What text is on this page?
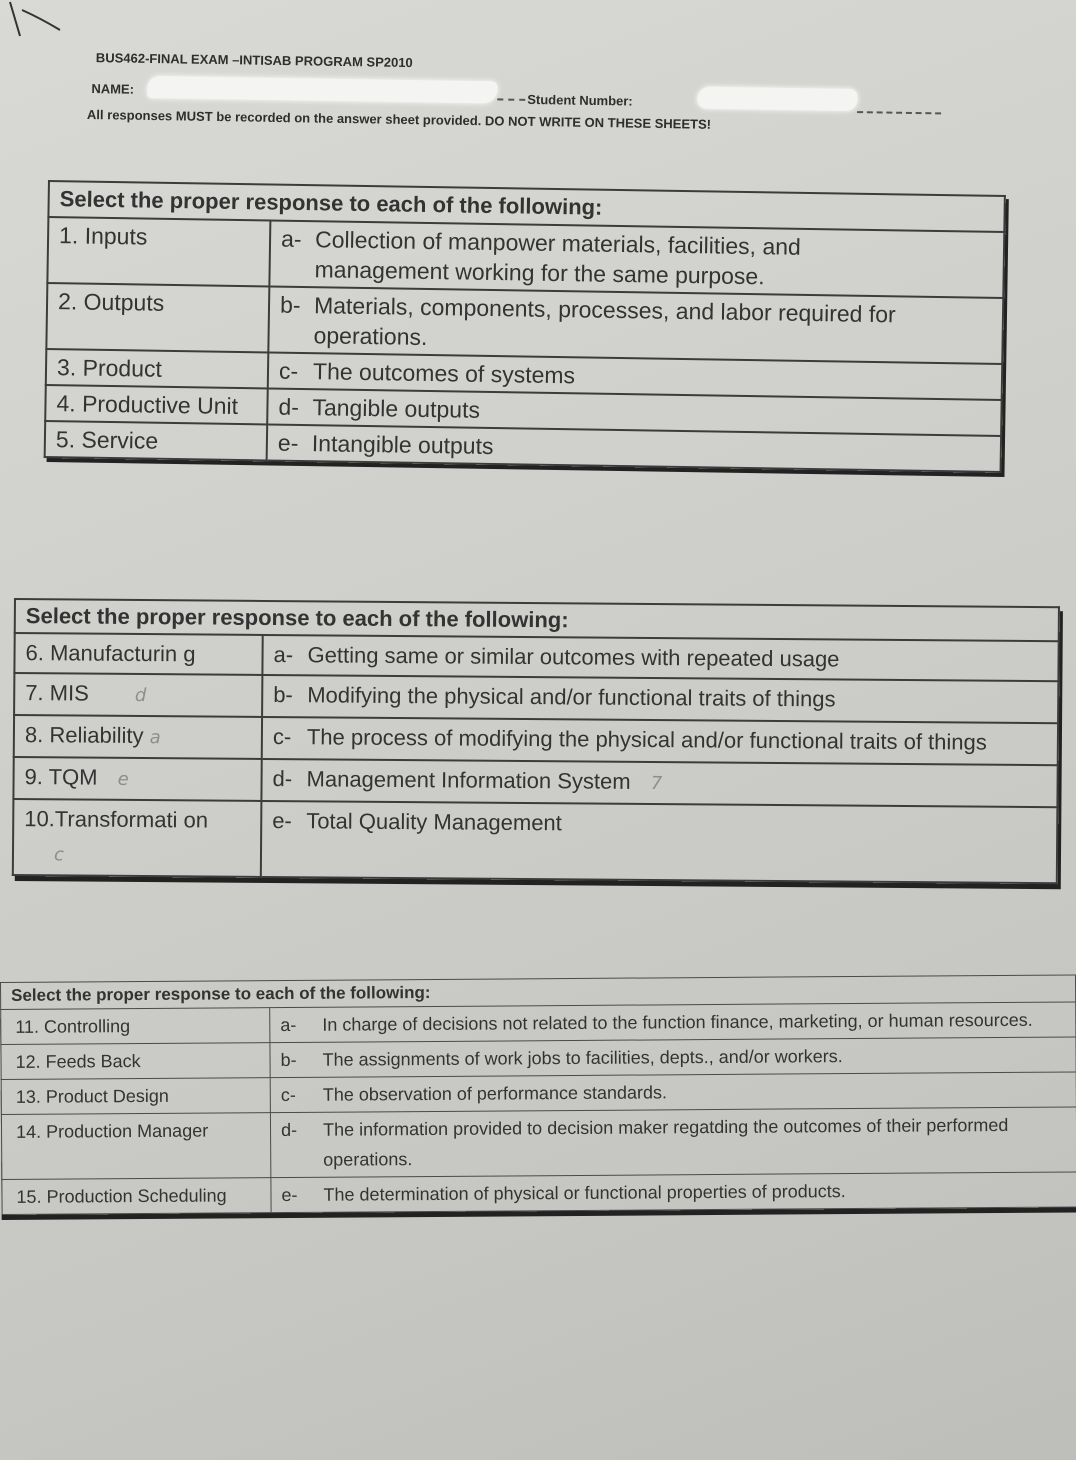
BUS462-FINAL EXAM –INTISAB PROGRAM SP2010
NAME:
Student Number:
All responses MUST be recorded on the answer sheet provided. DO NOT WRITE ON THESE SHEETS!
Select the proper response to each of the following:	
1. Inputs	a- Collection of manpower materials, facilities, and management working for the same purpose.
2. Outputs	b- Materials, components, processes, and labor required for operations.
3. Product	c- The outcomes of systems
4. Productive Unit	d- Tangible outputs
5. Service	e- Intangible outputs
Select the proper response to each of the following:	
6. Manufacturin g	a- Getting same or similar outcomes with repeated usage
7. MIS d	b- Modifying the physical and/or functional traits of things
8. Reliability a	c- The process of modifying the physical and/or functional traits of things
9. TQM e	d- Management Information System 7
10.Transformati on c	e- Total Quality Management
Select the proper response to each of the following:	
11. Controlling	a- In charge of decisions not related to the function finance, marketing, or human resources.
12. Feeds Back	b- The assignments of work jobs to facilities, depts., and/or workers.
13. Product Design	c- The observation of performance standards.
14. Production Manager	d- The information provided to decision maker regatding the outcomes of their performed operations.
15. Production Scheduling	e- The determination of physical or functional properties of products.
